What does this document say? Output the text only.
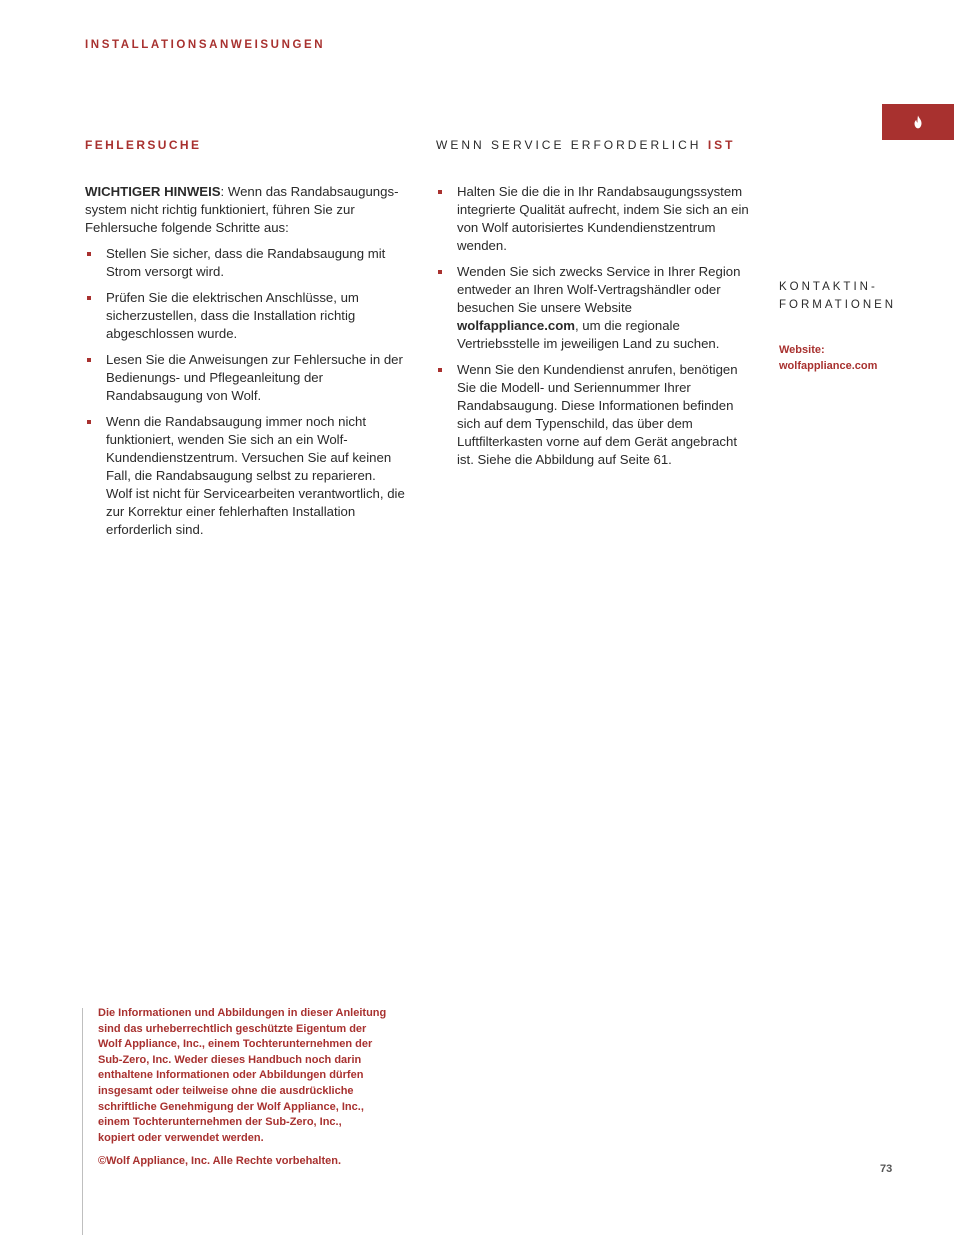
INSTALLATIONSANWEISUNGEN
FEHLERSUCHE	WENN SERVICE ERFORDERLICH IST

WICHTIGER HINWEIS: Wenn das Randabsaugungssystem nicht richtig funktioniert, führen Sie zur Fehlersuche folgende Schritte aus:

Stellen Sie sicher, dass die Randabsaugung mit Strom versorgt wird.
Prüfen Sie die elektrischen Anschlüsse, um sicherzustellen, dass die Installation richtig abgeschlossen wurde.
Lesen Sie die Anweisungen zur Fehlersuche in der Bedienungs- und Pflegeanleitung der Randabsaugung von Wolf.
Wenn die Randabsaugung immer noch nicht funktioniert, wenden Sie sich an ein Wolf-Kundendienstzentrum. Versuchen Sie auf keinen Fall, die Randabsaugung selbst zu reparieren. Wolf ist nicht für Servicearbeiten verantwortlich, die zur Korrektur einer fehlerhaften Installation erforderlich sind.
Halten Sie die die in Ihr Randabsaugungssystem integrierte Qualität aufrecht, indem Sie sich an ein von Wolf autorisiertes Kundendienstzentrum wenden.
Wenden Sie sich zwecks Service in Ihrer Region entweder an Ihren Wolf-Vertragshändler oder besuchen Sie unsere Website wolfappliance.com, um die regionale Vertriebsstelle im jeweiligen Land zu suchen.
Wenn Sie den Kundendienst anrufen, benötigen Sie die Modell- und Seriennummer Ihrer Randabsaugung. Diese Informationen befinden sich auf dem Typenschild, das über dem Luftfilterkasten vorne auf dem Gerät angebracht ist. Siehe die Abbildung auf Seite 61.
KONTAKTIN-
FORMATIONEN
Website:
wolfappliance.com

Die Informationen und Abbildungen in dieser Anleitung

sind das urheberrechtlich geschützte Eigentum der

Wolf Appliance, Inc., einem Tochterunternehmen der

Sub-Zero, Inc. Weder dieses Handbuch noch darin

enthaltene Informationen oder Abbildungen dürfen

insgesamt oder teilweise ohne die ausdrückliche

schriftliche Genehmigung der Wolf Appliance, Inc.,

einem Tochterunternehmen der Sub-Zero, Inc.,

kopiert oder verwendet werden.

©Wolf Appliance, Inc. Alle Rechte vorbehalten.
73
